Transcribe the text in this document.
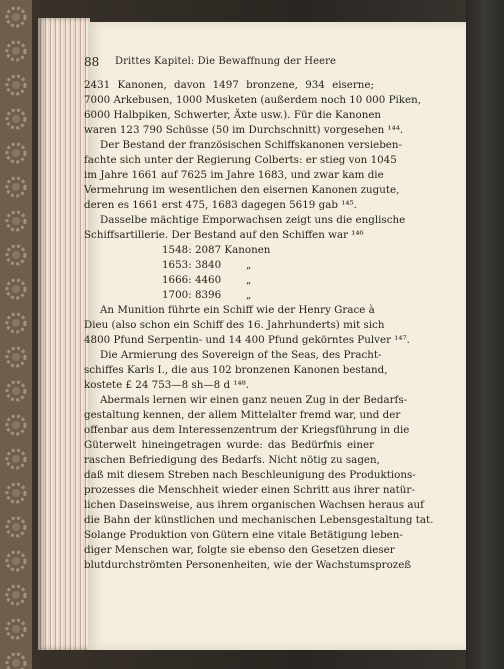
88 Drittes Kapitel: Die Bewaffnung der Heere
2431 Kanonen, davon 1497 bronzene, 934 eiserne;
7000 Arkebusen, 1000 Musketen (außerdem noch 10 000 Piken,
6000 Halbpiken, Schwerter, Äxte usw.). Für die Kanonen
waren 123 790 Schüsse (50 im Durchschnitt) vorgesehen ¹⁴⁴.
Der Bestand der französischen Schiffskanonen versieben-
fachte sich unter der Regierung Colberts: er stieg von 1045
im Jahre 1661 auf 7625 im Jahre 1683, und zwar kam die
Vermehrung im wesentlichen den eisernen Kanonen zugute,
deren es 1661 erst 475, 1683 dagegen 5619 gab ¹⁴⁵.
Dasselbe mächtige Emporwachsen zeigt uns die englische
Schiffsartillerie. Der Bestand auf den Schiffen war ¹⁴⁶
1548: 2087 Kanonen
1653: 3840 „
1666: 4460 „
1700: 8396 „
An Munition führte ein Schiff wie der Henry Grace à
Dieu (also schon ein Schiff des 16. Jahrhunderts) mit sich
4800 Pfund Serpentin- und 14 400 Pfund gekörntes Pulver ¹⁴⁷.
Die Armierung des Sovereign of the Seas, des Pracht-
schiffes Karls I., die aus 102 bronzenen Kanonen bestand,
kostete £ 24 753—8 sh—8 d ¹⁴⁸.
Abermals lernen wir einen ganz neuen Zug in der Bedarfs-
gestaltung kennen, der allem Mittelalter fremd war, und der
offenbar aus dem Interessenzentrum der Kriegsführung in die
Güterwelt hineingetragen wurde: das Bedürfnis einer
raschen Befriedigung des Bedarfs. Nicht nötig zu sagen,
daß mit diesem Streben nach Beschleunigung des Produktions-
prozesses die Menschheit wieder einen Schritt aus ihrer natür-
lichen Daseinsweise, aus ihrem organischen Wachsen heraus auf
die Bahn der künstlichen und mechanischen Lebensgestaltung tat.
Solange Produktion von Gütern eine vitale Betätigung leben-
diger Menschen war, folgte sie ebenso den Gesetzen dieser
blutdurchströmten Personenheiten, wie der Wachstumsprozeß
